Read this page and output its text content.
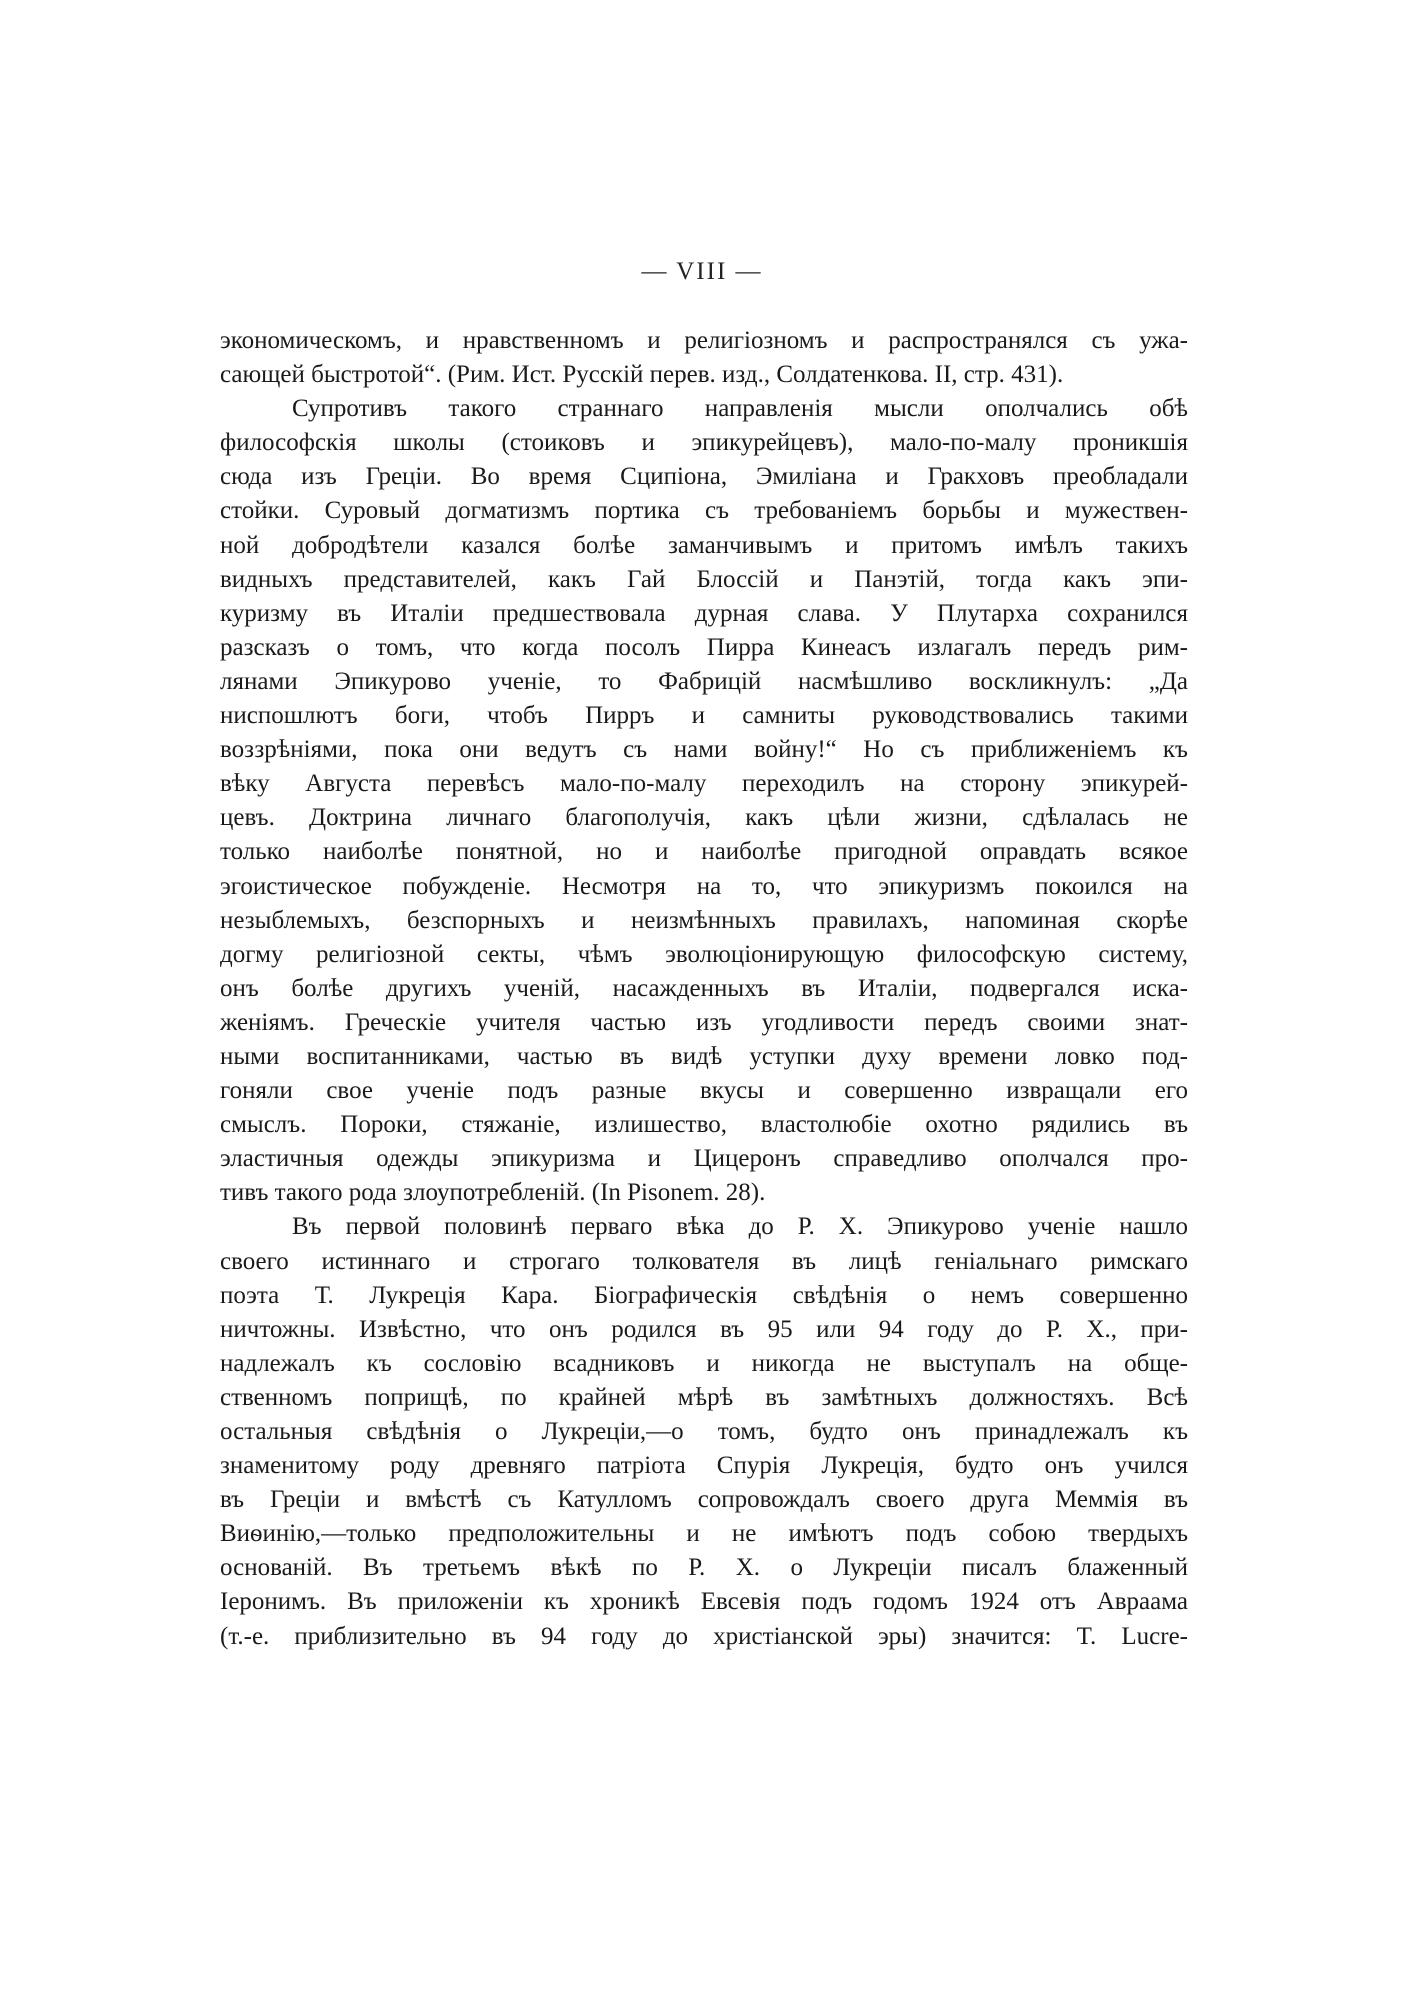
— VIII —
экономическомъ, и нравственномъ и религіозномъ и распространялся съ ужа-
сающей быстротой“. (Рим. Ист. Русскій перев. изд., Солдатенкова. II, стр. 431).
Супротивъ такого страннаго направленія мысли ополчались обѣ
философскія школы (стоиковъ и эпикурейцевъ), мало-по-малу проникшія
сюда изъ Греціи. Во время Сципіона, Эмиліана и Гракховъ преобладали
стойки. Суровый догматизмъ портика съ требованіемъ борьбы и мужествен-
ной добродѣтели казался болѣе заманчивымъ и притомъ имѣлъ такихъ
видныхъ представителей, какъ Гай Блоссій и Панэтій, тогда какъ эпи-
куризму въ Италіи предшествовала дурная слава. У Плутарха сохранился
разсказъ о томъ, что когда посолъ Пирра Кинеасъ излагалъ передъ рим-
лянами Эпикурово ученіе, то Фабрицій насмѣшливо воскликнулъ: „Да
ниспошлютъ боги, чтобъ Пирръ и самниты руководствовались такими
воззрѣніями, пока они ведутъ съ нами войну!“ Но съ приближеніемъ къ
вѣку Августа перевѣсъ мало-по-малу переходилъ на сторону эпикурей-
цевъ. Доктрина личнаго благополучія, какъ цѣли жизни, сдѣлалась не
только наиболѣе понятной, но и наиболѣе пригодной оправдать всякое
эгоистическое побужденіе. Несмотря на то, что эпикуризмъ покоился на
незыблемыхъ, безспорныхъ и неизмѣнныхъ правилахъ, напоминая скорѣе
догму религіозной секты, чѣмъ эволюціонирующую философскую систему,
онъ болѣе другихъ ученій, насажденныхъ въ Италіи, подвергался иска-
женіямъ. Греческіе учителя частью изъ угодливости передъ своими знат-
ными воспитанниками, частью въ видѣ уступки духу времени ловко под-
гоняли свое ученіе подъ разные вкусы и совершенно извращали его
смыслъ. Пороки, стяжаніе, излишество, властолюбіе охотно рядились въ
эластичныя одежды эпикуризма и Цицеронъ справедливо ополчался про-
тивъ такого рода злоупотребленій. (In Pisonem. 28).
Въ первой половинѣ перваго вѣка до Р. Х. Эпикурово ученіе нашло
своего истиннаго и строгаго толкователя въ лицѣ геніальнаго римскаго
поэта Т. Лукреція Кара. Біографическія свѣдѣнія о немъ совершенно
ничтожны. Извѣстно, что онъ родился въ 95 или 94 году до Р. Х., при-
надлежалъ къ сословію всадниковъ и никогда не выступалъ на обще-
ственномъ поприщѣ, по крайней мѣрѣ въ замѣтныхъ должностяхъ. Всѣ
остальныя свѣдѣнія о Лукреціи,—о томъ, будто онъ принадлежалъ къ
знаменитому роду древняго патріота Спурія Лукреція, будто онъ учился
въ Греціи и вмѣстѣ съ Катулломъ сопровождалъ своего друга Меммія въ
Виѳинію,—только предположительны и не имѣютъ подъ собою твердыхъ
основаній. Въ третьемъ вѣкѣ по Р. Х. о Лукреціи писалъ блаженный
Іеронимъ. Въ приложеніи къ хроникѣ Евсевія подъ годомъ 1924 отъ Авраама
(т.-е. приблизительно въ 94 году до христіанской эры) значится: T. Lucre-
